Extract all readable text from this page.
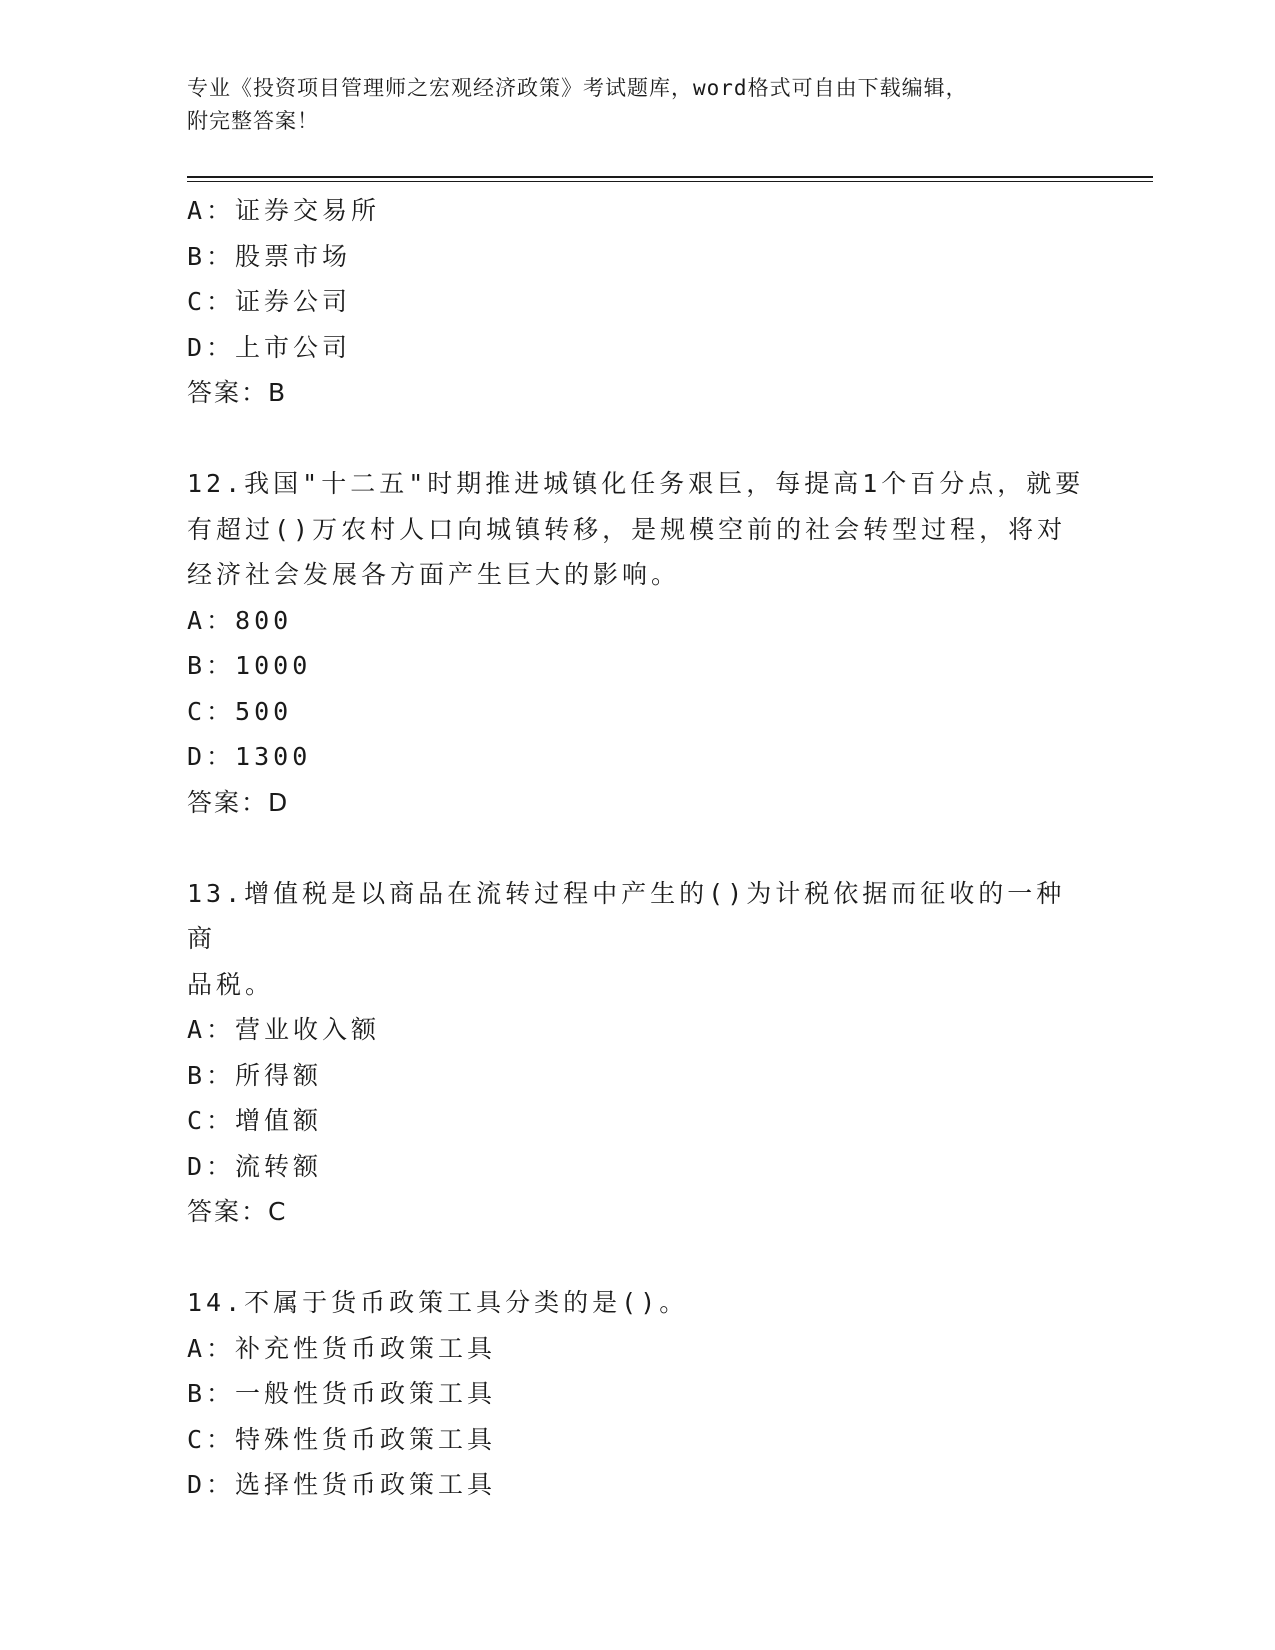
专业《投资项目管理师之宏观经济政策》考试题库，word格式可自由下载编辑，
附完整答案！
A：证券交易所
B：股票市场
C：证券公司
D：上市公司
答案：B
12.我国"十二五"时期推进城镇化任务艰巨，每提高1个百分点，就要
有超过()万农村人口向城镇转移，是规模空前的社会转型过程，将对
经济社会发展各方面产生巨大的影响。
A：800
B：1000
C：500
D：1300
答案：D
13.增值税是以商品在流转过程中产生的()为计税依据而征收的一种商
品税。
A：营业收入额
B：所得额
C：增值额
D：流转额
答案：C
14.不属于货币政策工具分类的是()。
A：补充性货币政策工具
B：一般性货币政策工具
C：特殊性货币政策工具
D：选择性货币政策工具
